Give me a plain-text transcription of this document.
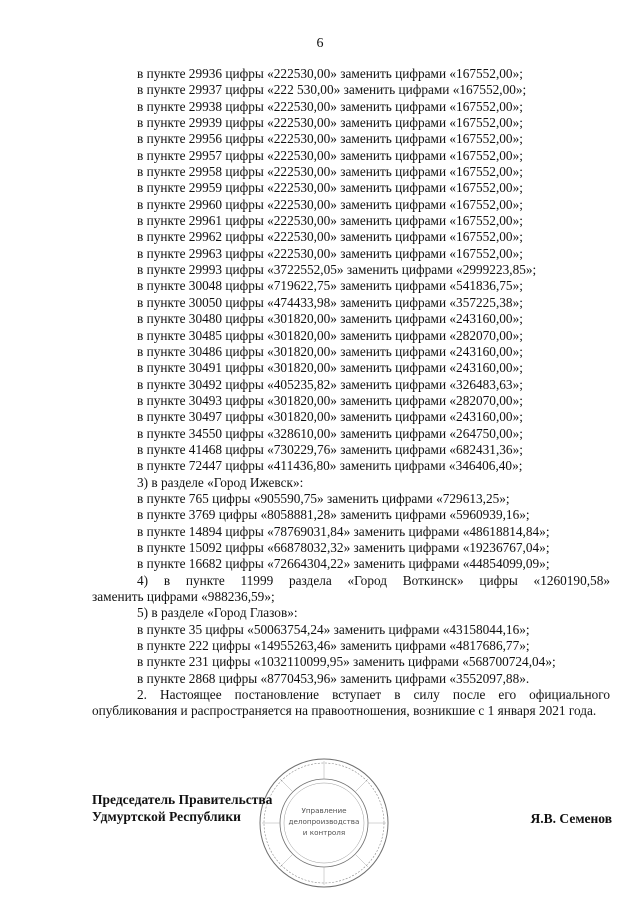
6
в пункте 29936 цифры «222530,00» заменить цифрами «167552,00»;
в пункте 29937 цифры «222 530,00» заменить цифрами «167552,00»;
в пункте 29938 цифры «222530,00» заменить цифрами «167552,00»;
в пункте 29939 цифры «222530,00» заменить цифрами «167552,00»;
в пункте 29956 цифры «222530,00» заменить цифрами «167552,00»;
в пункте 29957 цифры «222530,00» заменить цифрами «167552,00»;
в пункте 29958 цифры «222530,00» заменить цифрами «167552,00»;
в пункте 29959 цифры «222530,00» заменить цифрами «167552,00»;
в пункте 29960 цифры «222530,00» заменить цифрами «167552,00»;
в пункте 29961 цифры «222530,00» заменить цифрами «167552,00»;
в пункте 29962 цифры «222530,00» заменить цифрами «167552,00»;
в пункте 29963 цифры «222530,00» заменить цифрами «167552,00»;
в пункте 29993 цифры «3722552,05» заменить цифрами «2999223,85»;
в пункте 30048 цифры «719622,75» заменить цифрами «541836,75»;
в пункте 30050 цифры «474433,98» заменить цифрами «357225,38»;
в пункте 30480 цифры «301820,00» заменить цифрами «243160,00»;
в пункте 30485 цифры «301820,00» заменить цифрами «282070,00»;
в пункте 30486 цифры «301820,00» заменить цифрами «243160,00»;
в пункте 30491 цифры «301820,00» заменить цифрами «243160,00»;
в пункте 30492 цифры «405235,82» заменить цифрами «326483,63»;
в пункте 30493 цифры «301820,00» заменить цифрами «282070,00»;
в пункте 30497 цифры «301820,00» заменить цифрами «243160,00»;
в пункте 34550 цифры «328610,00» заменить цифрами «264750,00»;
в пункте 41468 цифры «730229,76» заменить цифрами «682431,36»;
в пункте 72447 цифры «411436,80» заменить цифрами «346406,40»;
3) в разделе «Город Ижевск»:
в пункте 765 цифры «905590,75» заменить цифрами «729613,25»;
в пункте 3769 цифры «8058881,28» заменить цифрами «5960939,16»;
в пункте 14894 цифры «78769031,84» заменить цифрами «48618814,84»;
в пункте 15092 цифры «66878032,32» заменить цифрами «19236767,04»;
в пункте 16682 цифры «72664304,22» заменить цифрами «44854099,09»;
4) в пункте 11999 раздела «Город Воткинск» цифры «1260190,58»
заменить цифрами «988236,59»;
5) в разделе «Город Глазов»:
в пункте 35 цифры «50063754,24» заменить цифрами «43158044,16»;
в пункте 222 цифры «14955263,46» заменить цифрами «4817686,77»;
в пункте 231 цифры «1032110099,95» заменить цифрами «568700724,04»;
в пункте 2868 цифры «8770453,96» заменить цифрами «3552097,88».
2. Настоящее постановление вступает в силу после его официального опубликования и распространяется на правоотношения, возникшие с 1 января 2021 года.
Управление
делопроизводства
и контроля
Председатель Правительства
Удмуртской Республики	Я.В. Семенов
